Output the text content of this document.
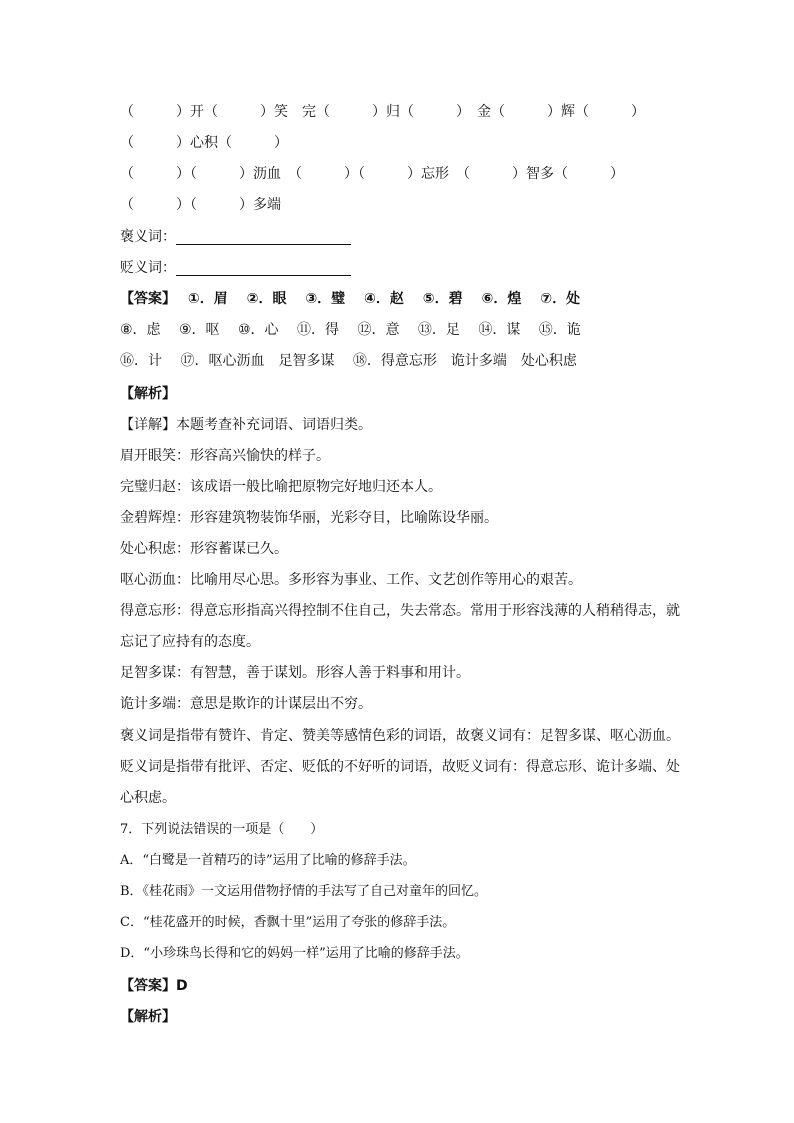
（　　　）开（　　　）笑　完（　　　）归（　　　）　金（　　　）辉（　　　）
（　　　）心积（　　　）
（　　　）（　　　）沥血　（　　　）（　　　）忘形　（　　　）智多（　　　）
（　　　）（　　　）多端
褒义词：
贬义词：
【答案】　 ①．眉　 ②．眼　 ③．璧　 ④．赵　 ⑤．碧　 ⑥．煌　 ⑦．处
⑧．虑　 ⑨．呕　 ⑩．心　 ⑪．得　 ⑫．意　 ⑬．足　 ⑭．谋　 ⑮．诡
⑯．计　 ⑰．呕心沥血　足智多谋　 ⑱．得意忘形　诡计多端　处心积虑
【解析】
【详解】本题考查补充词语、词语归类。
眉开眼笑：形容高兴愉快的样子。
完璧归赵：该成语一般比喻把原物完好地归还本人。
金碧辉煌：形容建筑物装饰华丽，光彩夺目，比喻陈设华丽。
处心积虑：形容蓄谋已久。
呕心沥血：比喻用尽心思。多形容为事业、工作、文艺创作等用心的艰苦。
得意忘形：得意忘形指高兴得控制不住自己，失去常态。常用于形容浅薄的人稍稍得志，就
忘记了应持有的态度。
足智多谋：有智慧，善于谋划。形容人善于料事和用计。
诡计多端：意思是欺诈的计谋层出不穷。
褒义词是指带有赞许、肯定、赞美等感情色彩的词语，故褒义词有：足智多谋、呕心沥血。
贬义词是指带有批评、否定、贬低的不好听的词语，故贬义词有：得意忘形、诡计多端、处
心积虑。
7．下列说法错误的一项是（　　）
A．“白鹭是一首精巧的诗”运用了比喻的修辞手法。
B．《桂花雨》一文运用借物抒情的手法写了自己对童年的回忆。
C．“桂花盛开的时候，香飘十里”运用了夸张的修辞手法。
D．“小珍珠鸟长得和它的妈妈一样”运用了比喻的修辞手法。
【答案】D
【解析】
